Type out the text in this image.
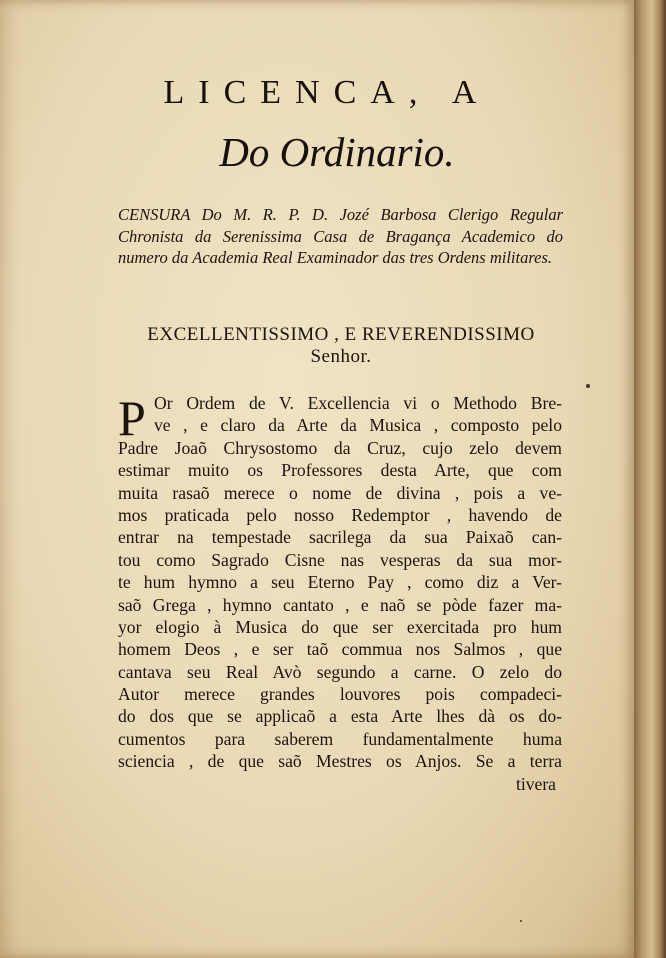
LICENCA, A
Do Ordinario.

CENSURA Do M. R. P. D. Jozé Barbosa Clerigo Regular Chronista da Serenissima Casa de Bragança Academico do numero da Academia Real Examinador das tres Ordens militares.

EXCELLENTISSIMO , E REVERENDISSIMO
Senhor.
P Or Ordem de V. Excellencia vi o Methodo Bre-
ve , e claro da Arte da Musica , composto pelo
Padre Joaõ Chrysostomo da Cruz, cujo zelo devem
estimar muito os Professores desta Arte, que com
muita rasaõ merece o nome de divina , pois a ve-
mos praticada pelo nosso Redemptor , havendo de
entrar na tempestade sacrilega da sua Paixaõ can-
tou como Sagrado Cisne nas vesperas da sua mor-
te hum hymno a seu Eterno Pay , como diz a Ver-
saõ Grega , hymno cantato , e naõ se pòde fazer ma-
yor elogio à Musica do que ser exercitada pro hum
homem Deos , e ser taõ commua nos Salmos , que
cantava seu Real Avò segundo a carne. O zelo do
Autor merece grandes louvores pois compadeci-
do dos que se applicaõ a esta Arte lhes dà os do-
cumentos para saberem fundamentalmente huma
sciencia , de que saõ Mestres os Anjos. Se a terra
tivera
